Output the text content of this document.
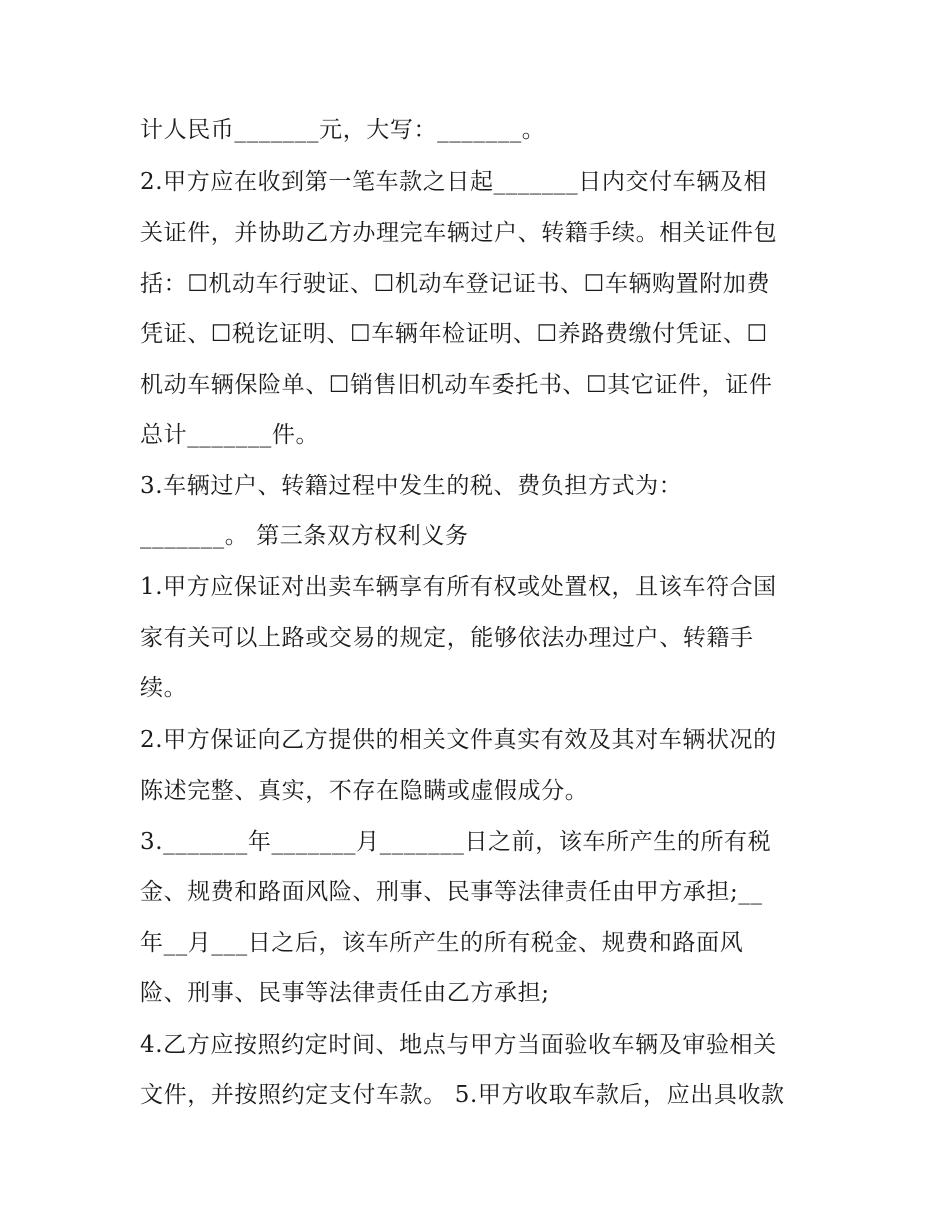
计人民币_______元，大写：_______。
2.甲方应在收到第一笔车款之日起_______日内交付车辆及相
关证件，并协助乙方办理完车辆过户、转籍手续。相关证件包
括：☐机动车行驶证、☐机动车登记证书、☐车辆购置附加费
凭证、☐税讫证明、☐车辆年检证明、☐养路费缴付凭证、☐
机动车辆保险单、☐销售旧机动车委托书、☐其它证件，证件
总计_______件。
3.车辆过户、转籍过程中发生的税、费负担方式为：
_______。 第三条双方权利义务
1.甲方应保证对出卖车辆享有所有权或处置权，且该车符合国
家有关可以上路或交易的规定，能够依法办理过户、转籍手
续。
2.甲方保证向乙方提供的相关文件真实有效及其对车辆状况的
陈述完整、真实，不存在隐瞒或虚假成分。
3._______年_______月_______日之前，该车所产生的所有税
金、规费和路面风险、刑事、民事等法律责任由甲方承担;__
年__月___日之后，该车所产生的所有税金、规费和路面风
险、刑事、民事等法律责任由乙方承担;
4.乙方应按照约定时间、地点与甲方当面验收车辆及审验相关
文件，并按照约定支付车款。 5.甲方收取车款后，应出具收款
